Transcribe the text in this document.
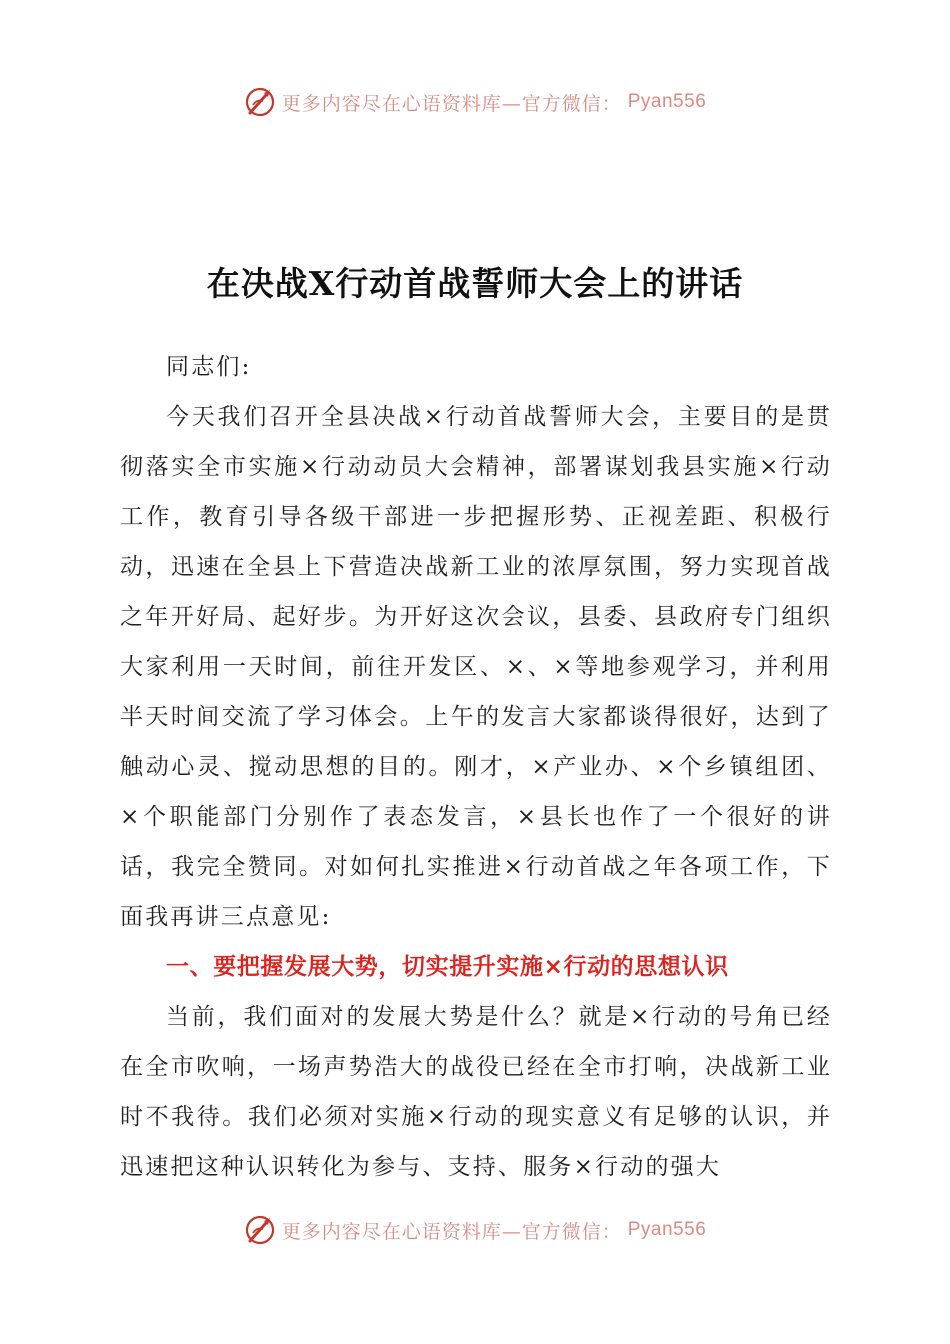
更多内容尽在心语资料库—官方微信： Pyan556
在决战X行动首战誓师大会上的讲话

同志们:

今天我们召开全县决战×行动首战誓师大会，主要目的是贯彻落实全市实施×行动动员大会精神，部署谋划我县实施×行动工作，教育引导各级干部进一步把握形势、正视差距、积极行动，迅速在全县上下营造决战新工业的浓厚氛围，努力实现首战之年开好局、起好步。为开好这次会议，县委、县政府专门组织大家利用一天时间，前往开发区、×、×等地参观学习，并利用半天时间交流了学习体会。上午的发言大家都谈得很好，达到了触动心灵、搅动思想的目的。刚才，×产业办、×个乡镇组团、×个职能部门分别作了表态发言，×县长也作了一个很好的讲话，我完全赞同。对如何扎实推进×行动首战之年各项工作，下面我再讲三点意见:

一、要把握发展大势，切实提升实施×行动的思想认识

当前，我们面对的发展大势是什么？就是×行动的号角已经在全市吹响，一场声势浩大的战役已经在全市打响，决战新工业时不我待。我们必须对实施×行动的现实意义有足够的认识，并迅速把这种认识转化为参与、支持、服务×行动的强大

更多内容尽在心语资料库—官方微信： Pyan556
